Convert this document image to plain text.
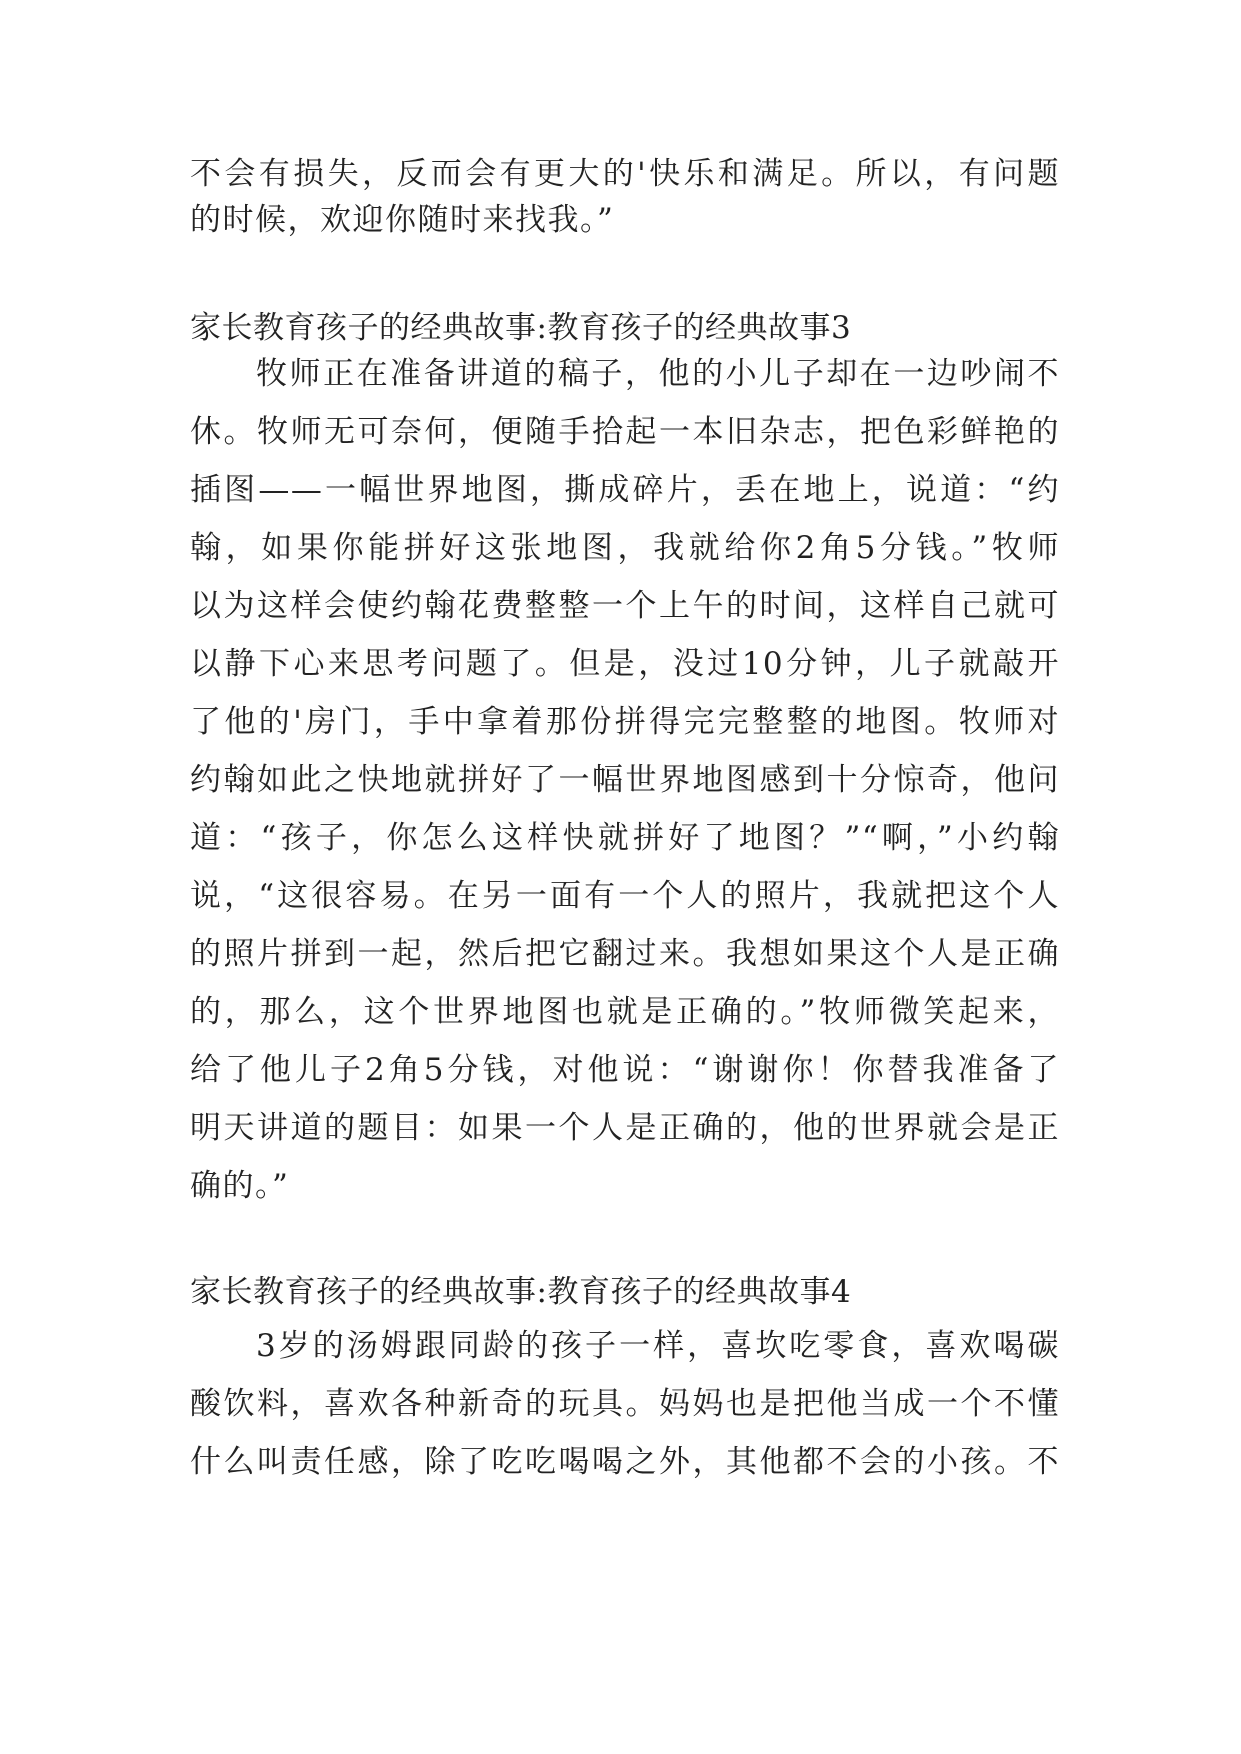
不会有损失，反而会有更大的'快乐和满足。所以，有问题
的时候，欢迎你随时来找我。”
家长教育孩子的经典故事:教育孩子的经典故事3
牧师正在准备讲道的稿子，他的小儿子却在一边吵闹不
休。牧师无可奈何，便随手拾起一本旧杂志，把色彩鲜艳的
插图——一幅世界地图，撕成碎片，丢在地上，说道：“约
翰，如果你能拼好这张地图，我就给你2角5分钱。”牧师
以为这样会使约翰花费整整一个上午的时间，这样自己就可
以静下心来思考问题了。但是，没过10分钟，儿子就敲开
了他的'房门，手中拿着那份拼得完完整整的地图。牧师对
约翰如此之快地就拼好了一幅世界地图感到十分惊奇，他问
道：“孩子，你怎么这样快就拼好了地图？”“啊，”小约翰
说，“这很容易。在另一面有一个人的照片，我就把这个人
的照片拼到一起，然后把它翻过来。我想如果这个人是正确
的，那么，这个世界地图也就是正确的。”牧师微笑起来，
给了他儿子2角5分钱，对他说：“谢谢你！你替我准备了
明天讲道的题目：如果一个人是正确的，他的世界就会是正
确的。”
家长教育孩子的经典故事:教育孩子的经典故事4
3岁的汤姆跟同龄的孩子一样，喜坎吃零食，喜欢喝碳
酸饮料，喜欢各种新奇的玩具。妈妈也是把他当成一个不懂
什么叫责任感，除了吃吃喝喝之外，其他都不会的小孩。不
